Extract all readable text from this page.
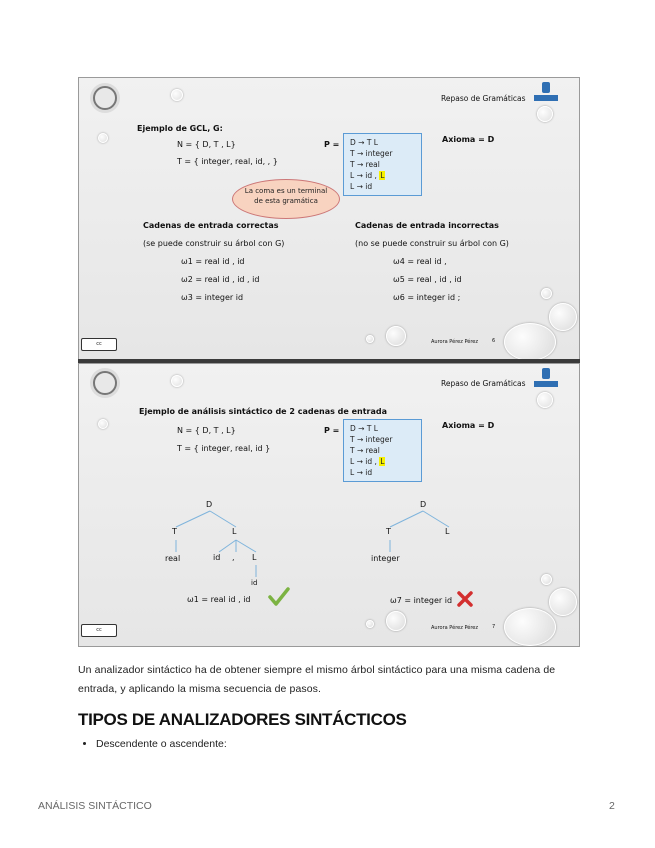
Repaso de Gramáticas
Ejemplo de GCL, G:
N = { D, T , L}
T = { integer, real, id, , }
P = D → T L
T → integer
T → real
L → id , L
L → id
Axioma = D
La coma es un terminal de esta gramática
Cadenas de entrada correctas
(se puede construir su árbol con G)
ω1 = real id , id
ω2 = real id , id , id
ω3 = integer id
Cadenas de entrada incorrectas
(no se puede construir su árbol con G)
ω4 = real id ,
ω5 = real , id , id
ω6 = integer id ;
cc	Aurora Pérez Pérez	6
Repaso de Gramáticas
Ejemplo de análisis sintáctico de 2 cadenas de entrada
N = { D, T , L}
T = { integer, real, id }
P = D → T L
T → integer
T → real
L → id , L
L → id
Axioma = D
D
T	L
real	id , L
id
ω1 = real id , id
D
T	L
integer
ω7 = integer id
cc	Aurora Pérez Pérez	7

Un analizador sintáctico ha de obtener siempre el mismo árbol sintáctico para una misma cadena de entrada, y aplicando la misma secuencia de pasos.

TIPOS DE ANALIZADORES SINTÁCTICOS
• Descendente o ascendente:
ANÁLISIS SINTÁCTICO	2
